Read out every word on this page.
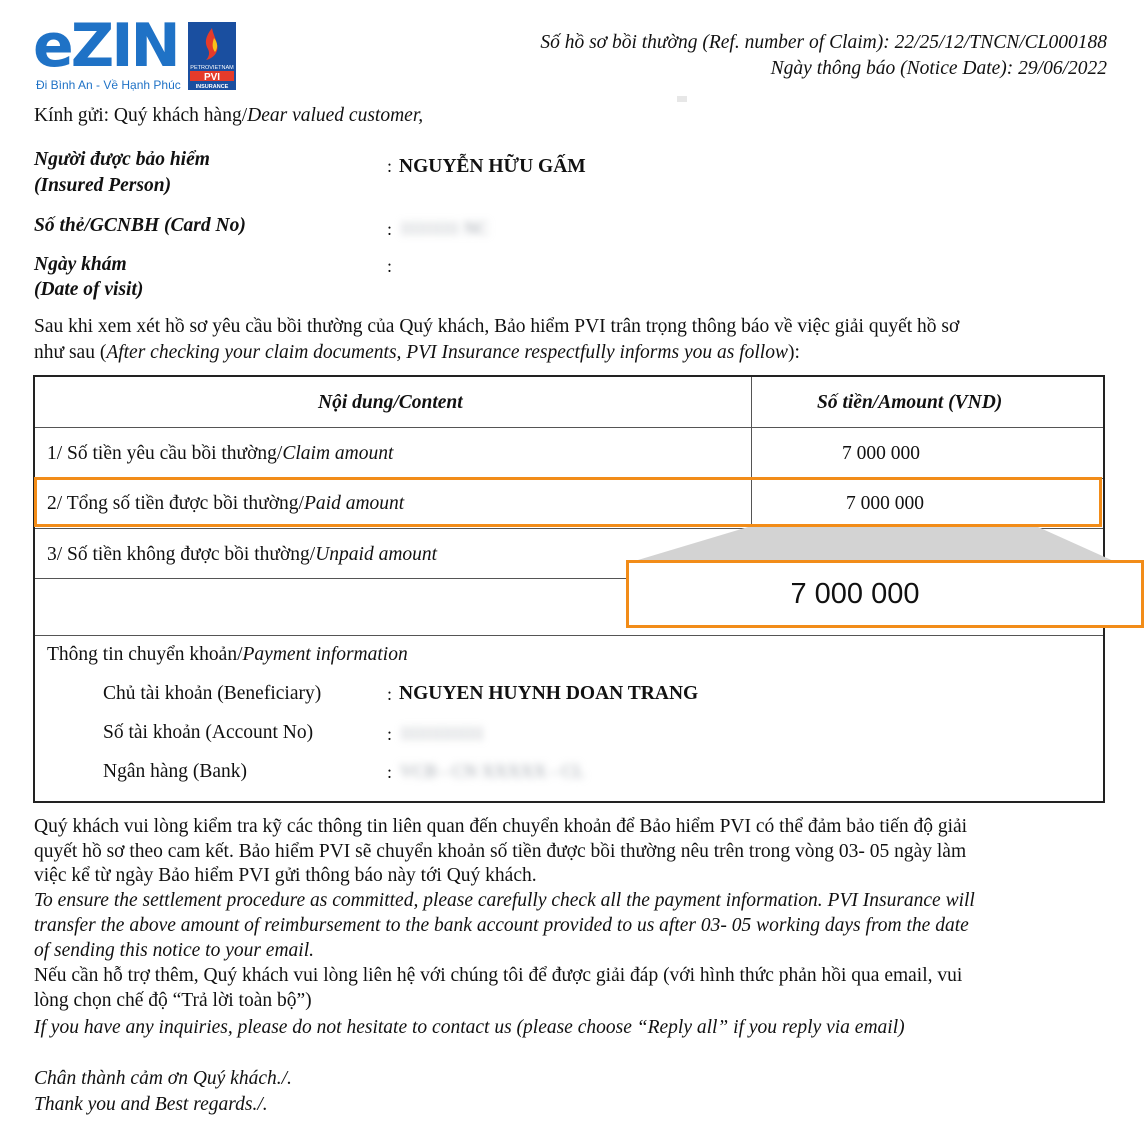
eZIN
Đi Bình An - Về Hạnh Phúc
PETROVIETNAM
PVI
INSURANCE
Số hồ sơ bồi thường (Ref. number of Claim): 22/25/12/TNCN/CL000188
Ngày thông báo (Notice Date): 29/06/2022
Kính gửi: Quý khách hàng/Dear valued customer,
Người được bảo hiểm
(Insured Person)
: NGUYỄN HỮU GẤM
Số thẻ/GCNBH (Card No)	: 1111111 NC
Ngày khám
(Date of visit)
:
Sau khi xem xét hồ sơ yêu cầu bồi thường của Quý khách, Bảo hiểm PVI trân trọng thông báo về việc giải quyết hồ sơ
như sau (After checking your claim documents, PVI Insurance respectfully informs you as follow):
Nội dung/Content	Số tiền/Amount (VND)
1/ Số tiền yêu cầu bồi thường/Claim amount	7 000 000
2/ Tổng số tiền được bồi thường/Paid amount	7 000 000
3/ Số tiền không được bồi thường/Unpaid amount
Thông tin chuyển khoản/Payment information
Chủ tài khoản (Beneficiary)	: NGUYEN HUYNH DOAN TRANG
Số tài khoản (Account No)	: 1111111111
Ngân hàng (Bank)	: VCB - CN XXXXX - CL
7 000 000
Quý khách vui lòng kiểm tra kỹ các thông tin liên quan đến chuyển khoản để Bảo hiểm PVI có thể đảm bảo tiến độ giải
quyết hồ sơ theo cam kết. Bảo hiểm PVI sẽ chuyển khoản số tiền được bồi thường nêu trên trong vòng 03- 05 ngày làm
việc kể từ ngày Bảo hiểm PVI gửi thông báo này tới Quý khách.
To ensure the settlement procedure as committed, please carefully check all the payment information. PVI Insurance will
transfer the above amount of reimbursement to the bank account provided to us after 03- 05 working days from the date
of sending this notice to your email.
Nếu cần hỗ trợ thêm, Quý khách vui lòng liên hệ với chúng tôi để được giải đáp (với hình thức phản hồi qua email, vui
lòng chọn chế độ “Trả lời toàn bộ”)
If you have any inquiries, please do not hesitate to contact us (please choose “Reply all” if you reply via email)
Chân thành cảm ơn Quý khách./.
Thank you and Best regards./.
